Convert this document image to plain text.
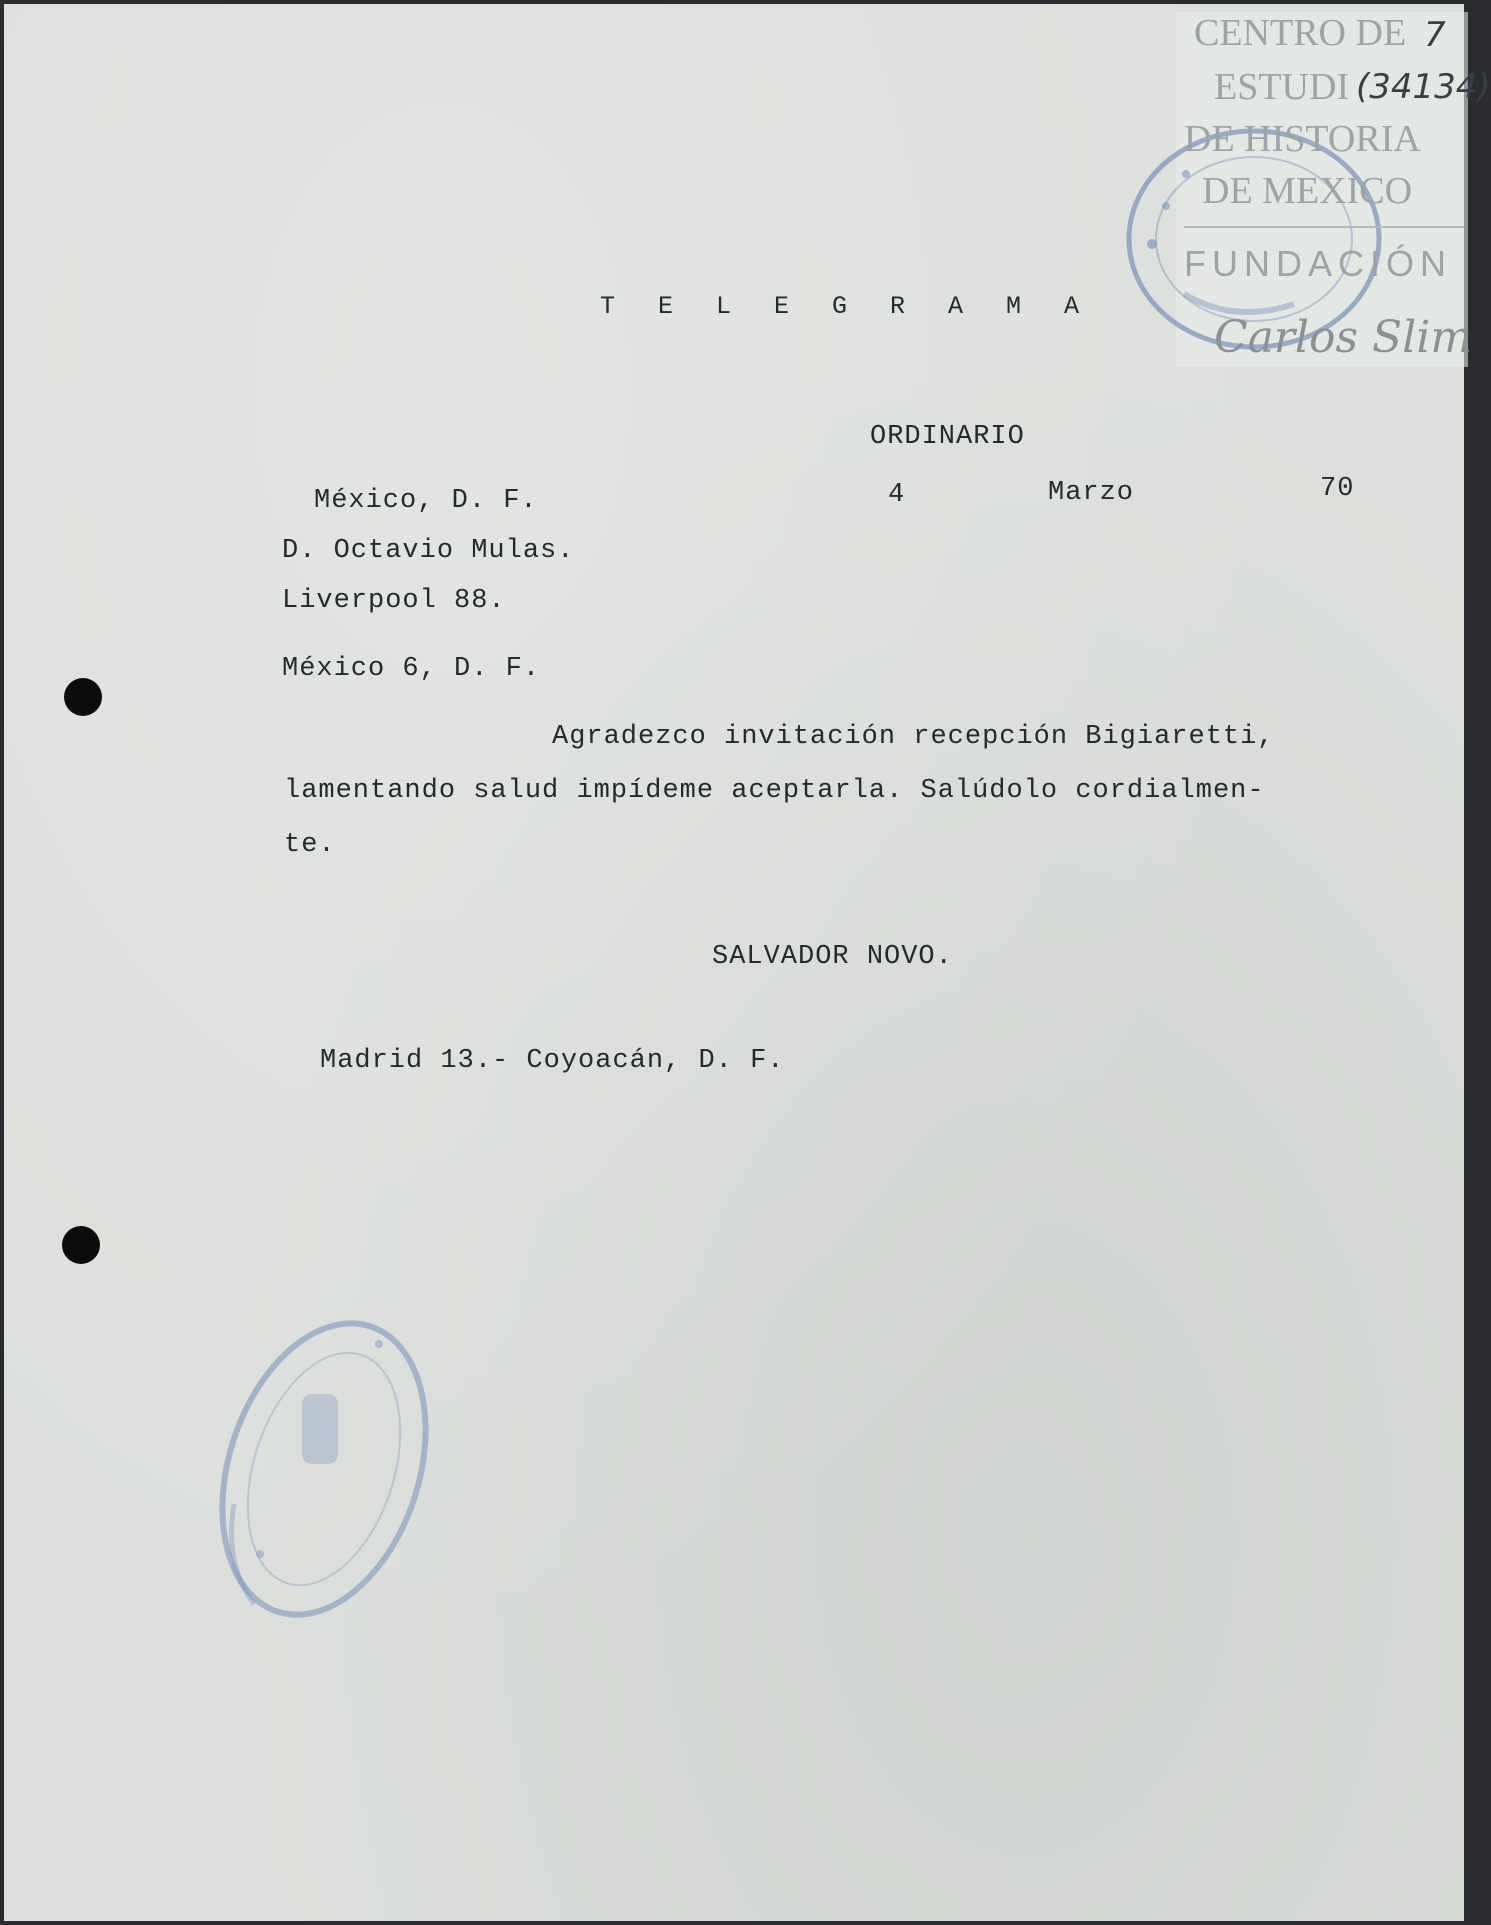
CENTRO DE
ESTUDI
DE HISTORIA
DE MEXICO
FUNDACIÓN
Carlos Slim
(34134)
7
T E L E G R A M A
ORDINARIO
México, D. F.	4	Marzo	70
D. Octavio Mulas.
Liverpool 88.
México 6, D. F.
Agradezco invitación recepción Bigiaretti,
lamentando salud impídeme aceptarla. Salúdolo cordialmen-
te.
SALVADOR NOVO.
Madrid 13.- Coyoacán, D. F.
